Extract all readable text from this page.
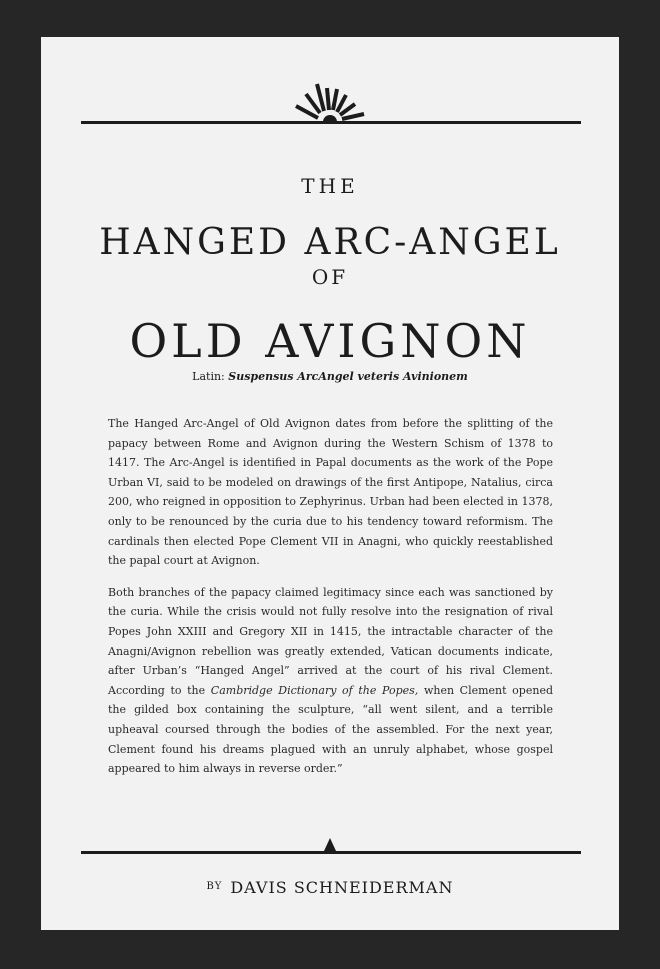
THE
HANGED ARC-ANGEL
OF
OLD AVIGNON
Latin: Suspensus ArcAngel veteris Avinionem

The Hanged Arc-Angel of Old Avignon dates from before the splitting of the papacy between Rome and Avignon during the Western Schism of 1378 to 1417. The Arc-Angel is identified in Papal documents as the work of the Pope Urban VI, said to be modeled on drawings of the first Antipope, Natalius, circa 200, who reigned in opposition to Zephyrinus. Urban had been elected in 1378, only to be renounced by the curia due to his tendency toward reformism. The cardinals then elected Pope Clement VII in Anagni, who quickly reestablished the papal court at Avignon.

Both branches of the papacy claimed legitimacy since each was sanctioned by the curia. While the crisis would not fully resolve into the resignation of rival Popes John XXIII and Gregory XII in 1415, the intractable character of the Anagni/Avignon rebellion was greatly extended, Vatican documents indicate, after Urban’s “Hanged Angel” arrived at the court of his rival Clement. According to the Cambridge Dictionary of the Popes, when Clement opened the gilded box containing the sculpture, “all went silent, and a terrible upheaval coursed through the bodies of the assembled. For the next year, Clement found his dreams plagued with an unruly alphabet, whose gospel appeared to him always in reverse order.”

$^{BY}$ DAVIS SCHNEIDERMAN
